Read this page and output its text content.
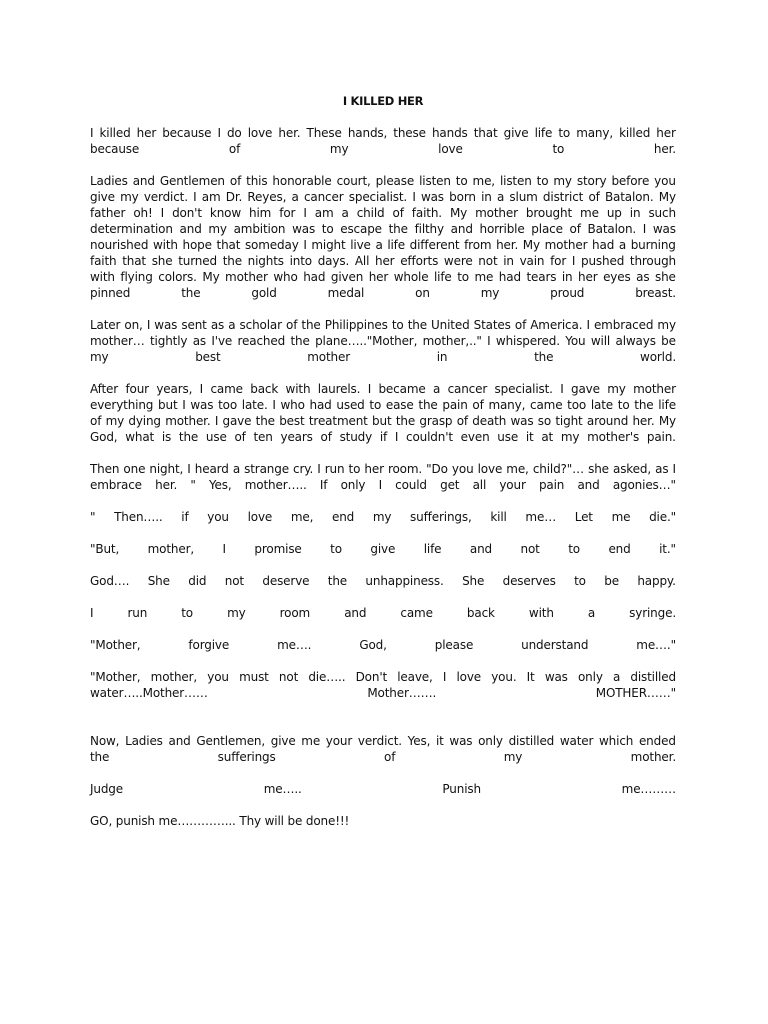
I KILLED HER
I killed her because I do love her. These hands, these hands that give life to many, killed her
because	of	my	love	to	her.
Ladies and Gentlemen of this honorable court, please listen to me, listen to my story before you
give my verdict. I am Dr. Reyes, a cancer specialist. I was born in a slum district of Batalon. My
father oh! I don't know him for I am a child of faith. My mother brought me up in such
determination and my ambition was to escape the filthy and horrible place of Batalon. I was
nourished with hope that someday I might live a life different from her. My mother had a burning
faith that she turned the nights into days. All her efforts were not in vain for I pushed through
with flying colors. My mother who had given her whole life to me had tears in her eyes as she
pinned	the	gold	medal	on	my	proud	breast.
Later on, I was sent as a scholar of the Philippines to the United States of America. I embraced my
mother… tightly as I've reached the plane….."Mother, mother,.." I whispered. You will always be
my	best	mother	in	the	world.
After four years, I came back with laurels. I became a cancer specialist. I gave my mother
everything but I was too late. I who had used to ease the pain of many, came too late to the life
of my dying mother. I gave the best treatment but the grasp of death was so tight around her. My
God, what is the use of ten years of study if I couldn't even use it at my mother's pain.
Then one night, I heard a strange cry. I run to her room. "Do you love me, child?"… she asked, as I
embrace her. " Yes, mother….. If only I could get all your pain and agonies…"
" Then….. if you love me, end my sufferings, kill me… Let me die."
"But, mother, I promise to give life and not to end it."
God…. She did not deserve the unhappiness. She deserves to be happy.
I	run	to	my	room	and	came	back	with	a	syringe.
"Mother,	forgive	me….	God,	please	understand	me…."
"Mother, mother, you must not die….. Don't leave, I love you. It was only a distilled
water…..Mother……	Mother…….	MOTHER……"
Now, Ladies and Gentlemen, give me your verdict. Yes, it was only distilled water which ended
the	sufferings	of	my	mother.
Judge	me…..	Punish	me………
GO, punish me…………... Thy will be done!!!
